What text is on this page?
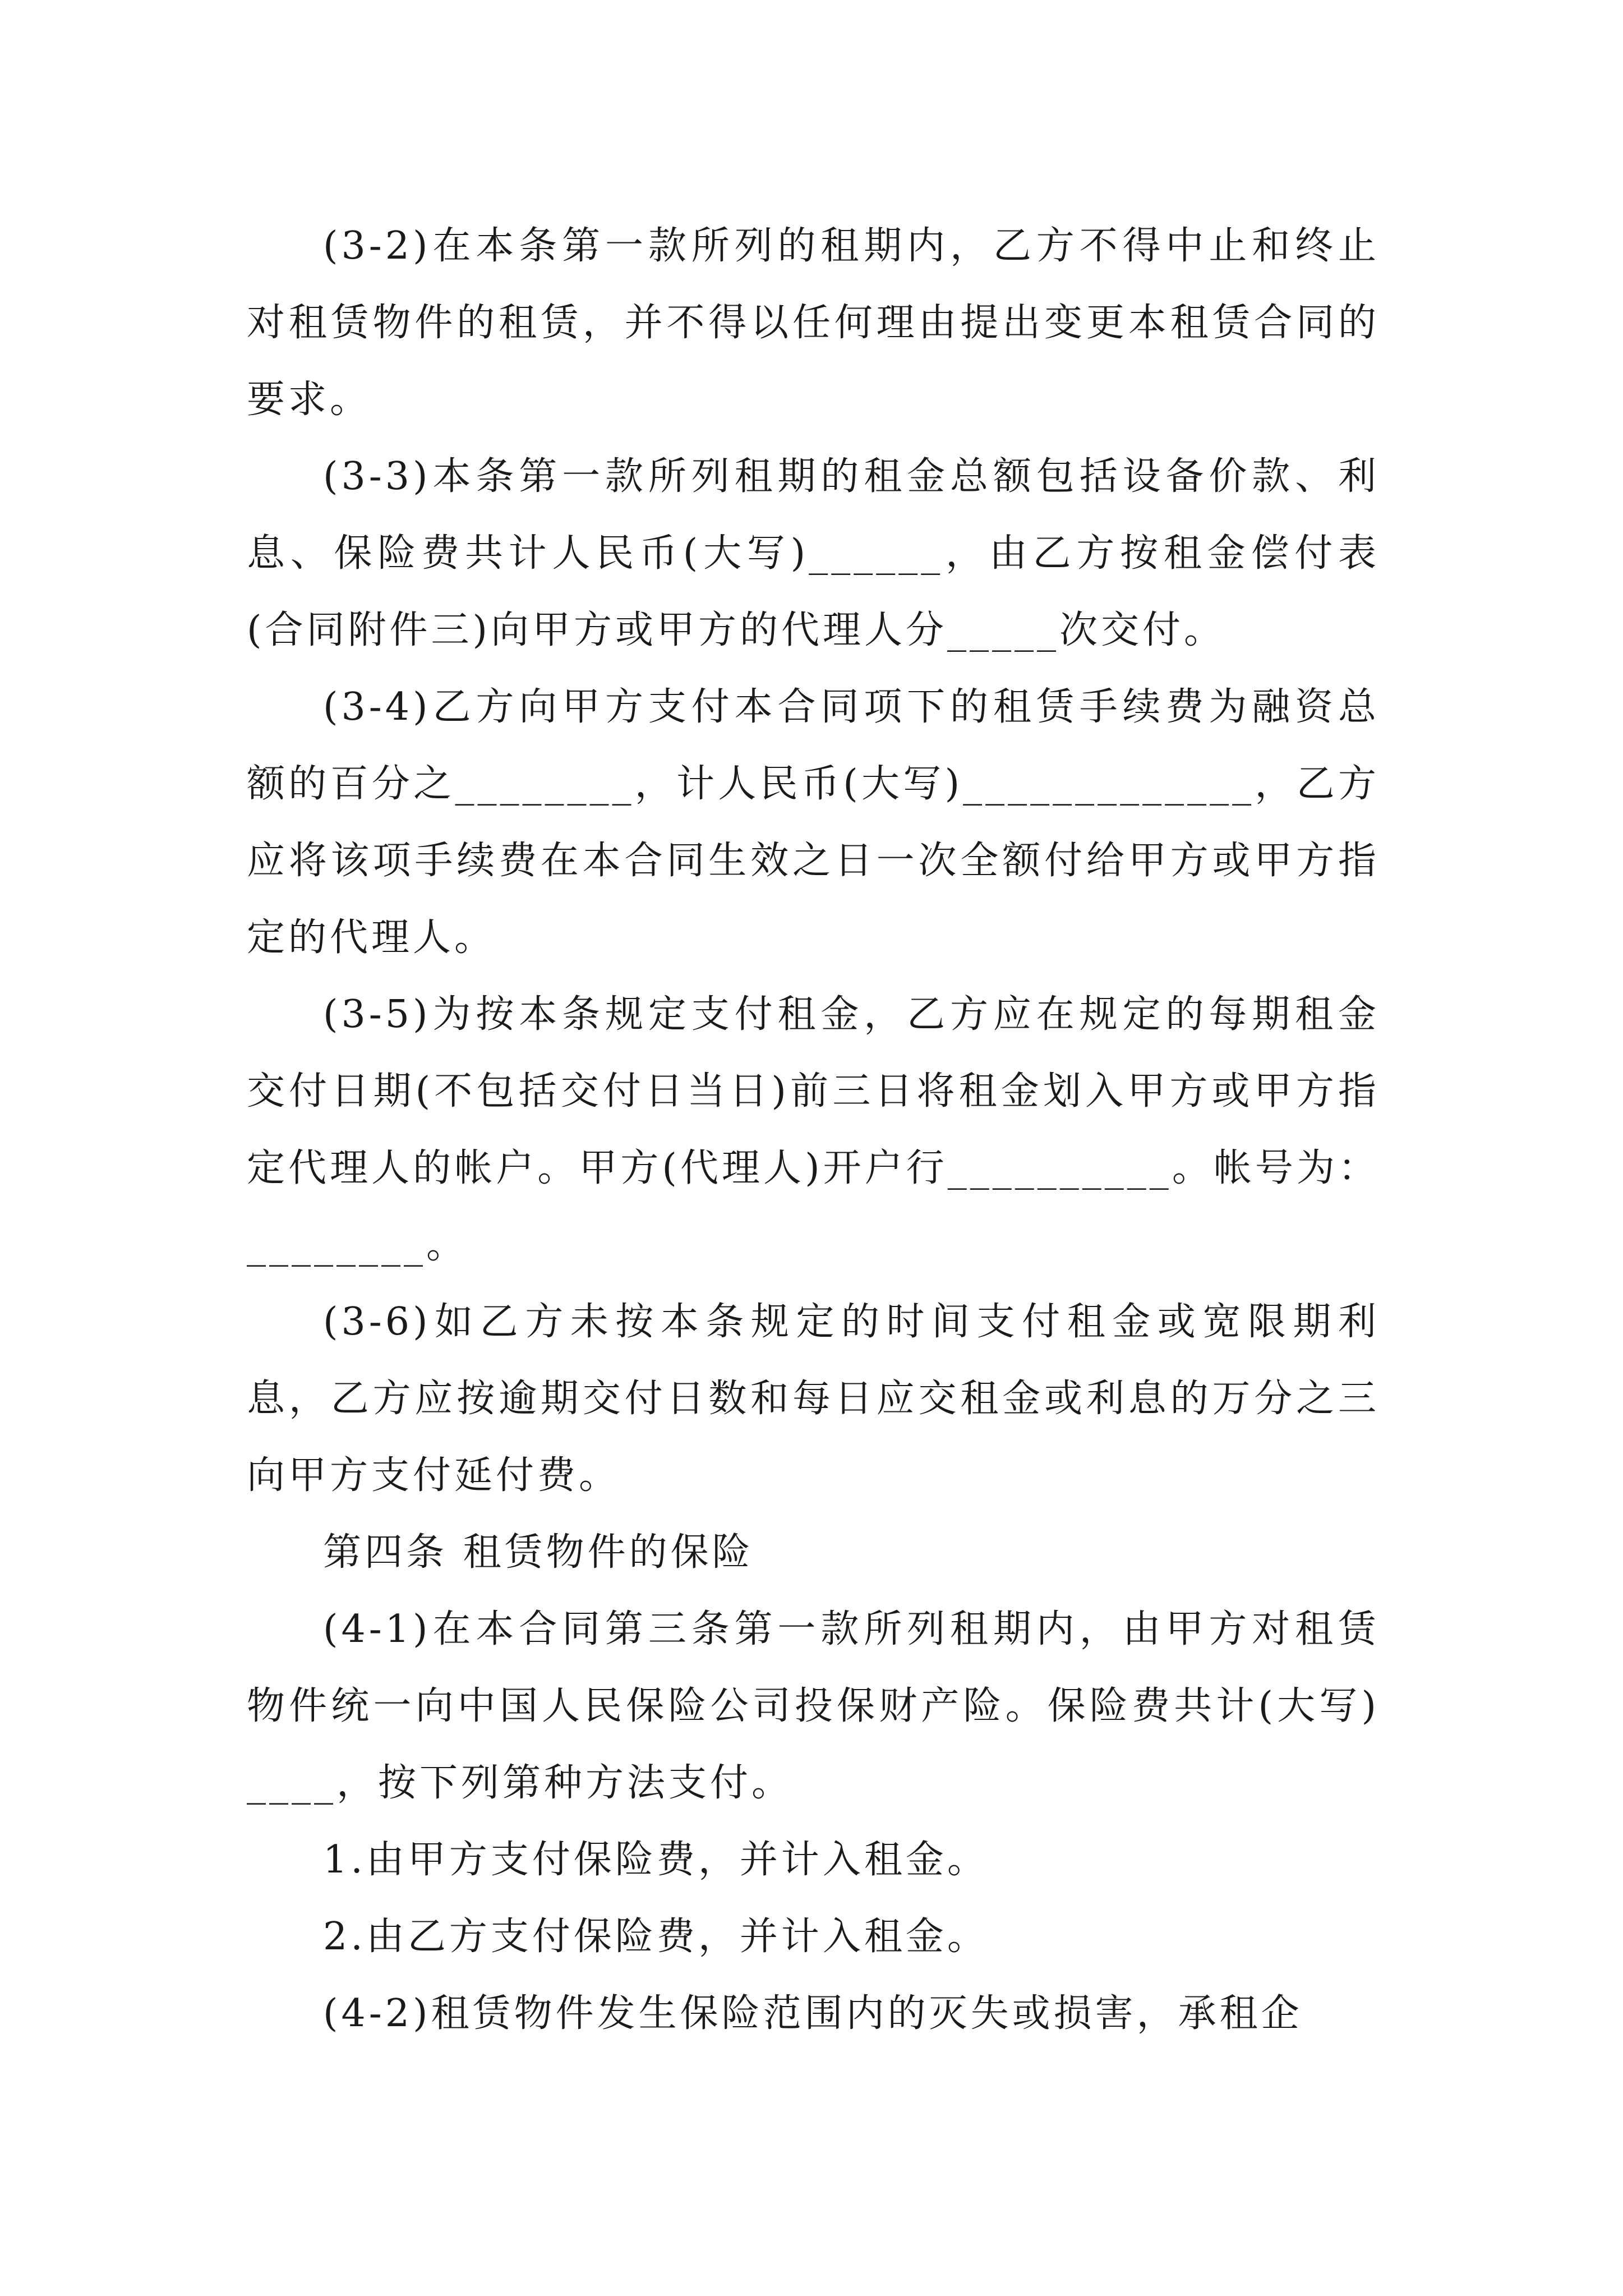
(3-2)在本条第一款所列的租期内，乙方不得中止和终止对租赁物件的租赁，并不得以任何理由提出变更本租赁合同的要求。

(3-3)本条第一款所列租期的租金总额包括设备价款、利息、保险费共计人民币(大写)______，由乙方按租金偿付表(合同附件三)向甲方或甲方的代理人分_____次交付。

(3-4)乙方向甲方支付本合同项下的租赁手续费为融资总额的百分之________，计人民币(大写)_____________，乙方应将该项手续费在本合同生效之日一次全额付给甲方或甲方指定的代理人。

(3-5)为按本条规定支付租金，乙方应在规定的每期租金交付日期(不包括交付日当日)前三日将租金划入甲方或甲方指定代理人的帐户。甲方(代理人)开户行__________。帐号为：________。

(3-6)如乙方未按本条规定的时间支付租金或宽限期利息，乙方应按逾期交付日数和每日应交租金或利息的万分之三向甲方支付延付费。

第四条 租赁物件的保险

(4-1)在本合同第三条第一款所列租期内，由甲方对租赁物件统一向中国人民保险公司投保财产险。保险费共计(大写)____，按下列第种方法支付。

1.由甲方支付保险费，并计入租金。

2.由乙方支付保险费，并计入租金。

(4-2)租赁物件发生保险范围内的灭失或损害，承租企
